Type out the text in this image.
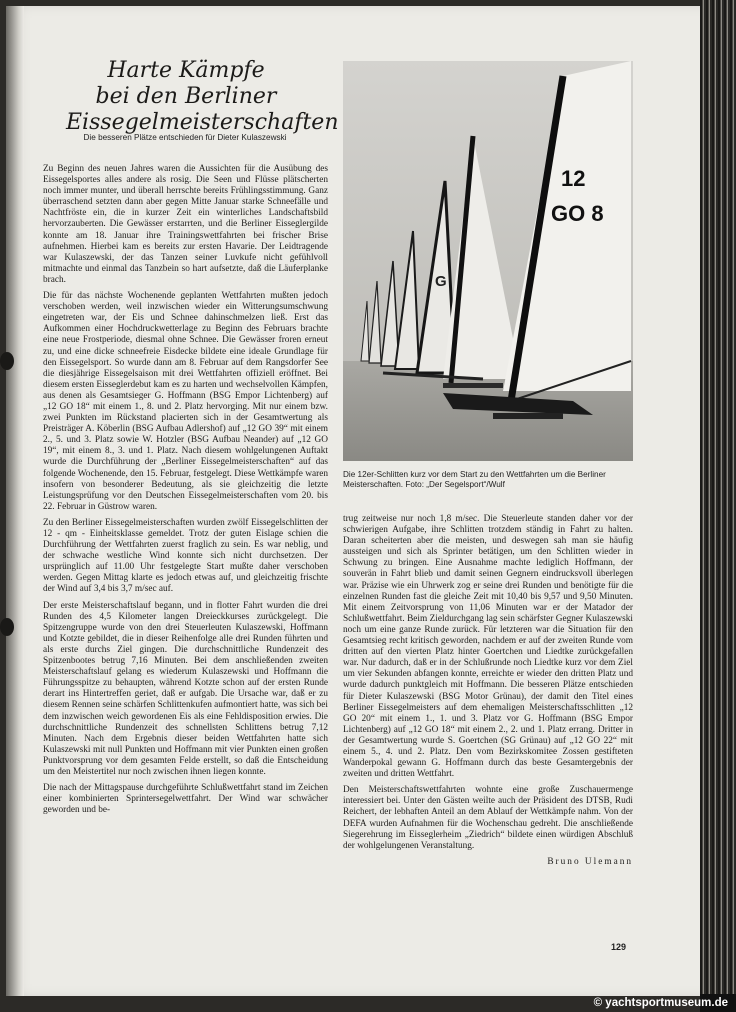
Harte Kämpfe
bei den Berliner
Eissegelmeisterschaften
Die besseren Plätze entschieden für Dieter Kulaszewski

Zu Beginn des neuen Jahres waren die Aussichten für die Ausübung des Eissegelsportes alles andere als rosig. Die Seen und Flüsse plätscherten noch immer munter, und überall herrschte bereits Frühlingsstimmung. Ganz überraschend setzten dann aber gegen Mitte Januar starke Schneefälle und Nachtfröste ein, die in kurzer Zeit ein winterliches Landschaftsbild hervorzauberten. Die Gewässer erstarrten, und die Berliner Eisseglergilde konnte am 18. Januar ihre Trainingswettfahrten bei frischer Brise aufnehmen. Hierbei kam es bereits zur ersten Havarie. Der Leidtragende war Kulaszewski, der das Tanzen seiner Luvkufe nicht gefühlvoll mitmachte und einmal das Tanzbein so hart aufsetzte, daß die Läuferplanke brach.

Die für das nächste Wochenende geplanten Wettfahrten mußten jedoch verschoben werden, weil inzwischen wieder ein Witterungsumschwung eingetreten war, der Eis und Schnee dahinschmelzen ließ. Erst das Aufkommen einer Hochdruckwetterlage zu Beginn des Februars brachte eine neue Frostperiode, diesmal ohne Schnee. Die Gewässer froren erneut zu, und eine dicke schneefreie Eisdecke bildete eine ideale Grundlage für den Eissegelsport. So wurde dann am 8. Februar auf dem Rangsdorfer See die diesjährige Eissegelsaison mit drei Wettfahrten offiziell eröffnet. Bei diesem ersten Eisseglerdebut kam es zu harten und wechselvollen Kämpfen, aus denen als Gesamtsieger G. Hoffmann (BSG Empor Lichtenberg) auf „12 GO 18“ mit einem 1., 8. und 2. Platz hervorging. Mit nur einem bzw. zwei Punkten im Rückstand placierten sich in der Gesamtwertung als Preisträger A. Köberlin (BSG Aufbau Adlershof) auf „12 GO 39“ mit einem 2., 5. und 3. Platz sowie W. Hotzler (BSG Aufbau Neander) auf „12 GO 19“, mit einem 8., 3. und 1. Platz. Nach diesem wohlgelungenen Auftakt wurde die Durchführung der „Berliner Eissegelmeisterschaften“ auf das folgende Wochenende, den 15. Februar, festgelegt. Diese Wettkämpfe waren insofern von besonderer Bedeutung, als sie gleichzeitig die letzte Leistungsprüfung vor den Deutschen Eissegelmeisterschaften vom 20. bis 22. Februar in Güstrow waren.

Zu den Berliner Eissegelmeisterschaften wurden zwölf Eissegelschlitten der 12 - qm - Einheitsklasse gemeldet. Trotz der guten Eislage schien die Durchführung der Wettfahrten zuerst fraglich zu sein. Es war neblig, und der schwache westliche Wind konnte sich nicht durchsetzen. Der ursprünglich auf 11.00 Uhr festgelegte Start mußte daher verschoben werden. Gegen Mittag klarte es jedoch etwas auf, und gleichzeitig frischte der Wind auf 3,4 bis 3,7 m/sec auf.

Der erste Meisterschaftslauf begann, und in flotter Fahrt wurden die drei Runden des 4,5 Kilometer langen Dreieckkurses zurückgelegt. Die Spitzengruppe wurde von den drei Steuerleuten Kulaszewski, Hoffmann und Kotzte gebildet, die in dieser Reihenfolge alle drei Runden führten und als erste durchs Ziel gingen. Die durchschnittliche Rundenzeit des Spitzenbootes betrug 7,16 Minuten. Bei dem anschließenden zweiten Meisterschaftslauf gelang es wiederum Kulaszewski und Hoffmann die Führungsspitze zu behaupten, während Kotzte schon auf der ersten Runde derart ins Hintertreffen geriet, daß er aufgab. Die Ursache war, daß er zu diesem Rennen seine schärfen Schlittenkufen aufmontiert hatte, was sich bei dem inzwischen weich gewordenen Eis als eine Fehldisposition erwies. Die durchschnittliche Rundenzeit des schnellsten Schlittens betrug 7,12 Minuten. Nach dem Ergebnis dieser beiden Wettfahrten hatte sich Kulaszewski mit null Punkten und Hoffmann mit vier Punkten einen großen Punktvorsprung vor dem gesamten Felde erstellt, so daß die Entscheidung um den Meistertitel nur noch zwischen ihnen liegen konnte.

Die nach der Mittagspause durchgeführte Schlußwettfahrt stand im Zeichen einer kombinierten Sprintersegelwettfahrt. Der Wind war schwächer geworden und be-

G
12
GO 8
Die 12er-Schlitten kurz vor dem Start zu den Wettfahrten um die Berliner Meisterschaften. Foto: „Der Segelsport“/Wulf

trug zeitweise nur noch 1,8 m/sec. Die Steuerleute standen daher vor der schwierigen Aufgabe, ihre Schlitten trotzdem ständig in Fahrt zu halten. Daran scheiterten aber die meisten, und deswegen sah man sie häufig aussteigen und sich als Sprinter betätigen, um den Schlitten wieder in Schwung zu bringen. Eine Ausnahme machte lediglich Hoffmann, der souverän in Fahrt blieb und damit seinen Gegnern eindrucksvoll überlegen war. Präzise wie ein Uhrwerk zog er seine drei Runden und benötigte für die einzelnen Runden fast die gleiche Zeit mit 10,40 bis 9,57 und 9,50 Minuten. Mit einem Zeitvorsprung von 11,06 Minuten war er der Matador der Schlußwettfahrt. Beim Zieldurchgang lag sein schärfster Gegner Kulaszewski noch um eine ganze Runde zurück. Für letzteren war die Situation für den Gesamtsieg recht kritisch geworden, nachdem er auf der zweiten Runde vom dritten auf den vierten Platz hinter Goertchen und Liedtke zurückgefallen war. Nur dadurch, daß er in der Schlußrunde noch Liedtke kurz vor dem Ziel um vier Sekunden abfangen konnte, erreichte er wieder den dritten Platz und wurde dadurch punktgleich mit Hoffmann. Die besseren Plätze entschieden für Dieter Kulaszewski (BSG Motor Grünau), der damit den Titel eines Berliner Eissegelmeisters auf dem ehemaligen Meisterschaftsschlitten „12 GO 20“ mit einem 1., 1. und 3. Platz vor G. Hoffmann (BSG Empor Lichtenberg) auf „12 GO 18“ mit einem 2., 2. und 1. Platz errang. Dritter in der Gesamtwertung wurde S. Goertchen (SG Grünau) auf „12 GO 22“ mit einem 5., 4. und 2. Platz. Den vom Bezirkskomitee Zossen gestifteten Wanderpokal gewann G. Hoffmann durch das beste Gesamtergebnis der zweiten und dritten Wettfahrt.

Den Meisterschaftswettfahrten wohnte eine große Zuschauermenge interessiert bei. Unter den Gästen weilte auch der Präsident des DTSB, Rudi Reichert, der lebhaften Anteil an dem Ablauf der Wettkämpfe nahm. Von der DEFA wurden Aufnahmen für die Wochenschau gedreht. Die anschließende Siegerehrung im Eisseglerheim „Ziedrich“ bildete einen würdigen Abschluß der wohlgelungenen Veranstaltung.

Bruno Ulemann

129
© yachtsportmuseum.de
